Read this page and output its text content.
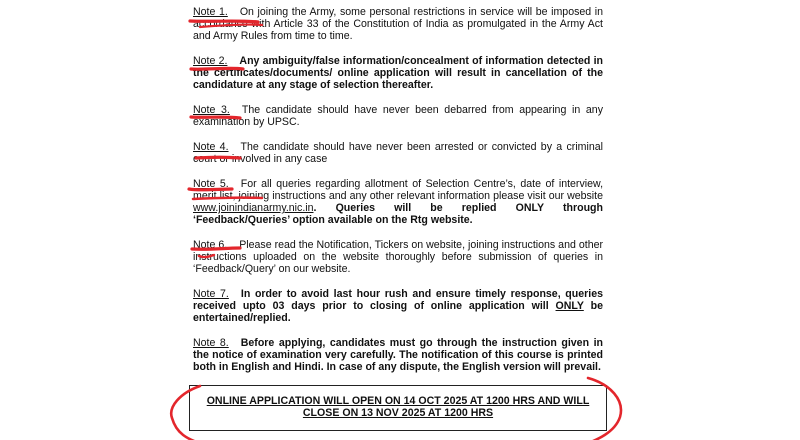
Note 1. On joining the Army, some personal restrictions in service will be imposed in accordance with Article 33 of the Constitution of India as promulgated in the Army Act and Army Rules from time to time.

Note 2. Any ambiguity/false information/concealment of information detected in the certificates/documents/ online application will result in cancellation of the candidature at any stage of selection thereafter.

Note 3. The candidate should have never been debarred from appearing in any examination by UPSC.

Note 4. The candidate should have never been arrested or convicted by a criminal court or involved in any case

Note 5. For all queries regarding allotment of Selection Centre’s, date of interview, merit list, joining instructions and any other relevant information please visit our website www.joinindianarmy.nic.in. Queries will be replied ONLY through ‘Feedback/Queries’ option available on the Rtg website.

Note 6. Please read the Notification, Tickers on website, joining instructions and other instructions uploaded on the website thoroughly before submission of queries in ‘Feedback/Query’ on our website.

Note 7. In order to avoid last hour rush and ensure timely response, queries received upto 03 days prior to closing of online application will ONLY be entertained/replied.

Note 8. Before applying, candidates must go through the instruction given in the notice of examination very carefully. The notification of this course is printed both in English and Hindi. In case of any dispute, the English version will prevail.

ONLINE APPLICATION WILL OPEN ON 14 OCT 2025 AT 1200 HRS AND WILL
CLOSE ON 13 NOV 2025 AT 1200 HRS
